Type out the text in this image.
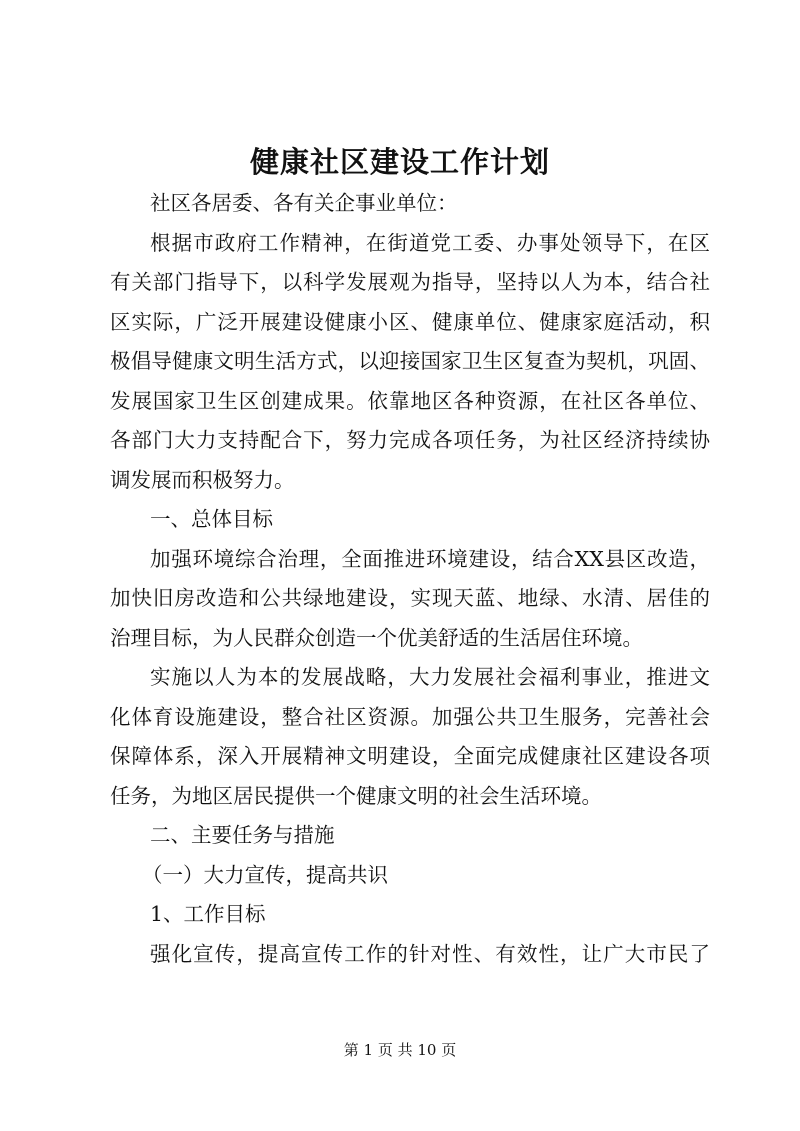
健康社区建设工作计划
社区各居委、各有关企事业单位：
根据市政府工作精神，在街道党工委、办事处领导下，在区
有关部门指导下，以科学发展观为指导，坚持以人为本，结合社
区实际，广泛开展建设健康小区、健康单位、健康家庭活动，积
极倡导健康文明生活方式，以迎接国家卫生区复查为契机，巩固、
发展国家卫生区创建成果。依靠地区各种资源，在社区各单位、
各部门大力支持配合下，努力完成各项任务，为社区经济持续协
调发展而积极努力。
一、总体目标
加强环境综合治理，全面推进环境建设，结合XX县区改造，
加快旧房改造和公共绿地建设，实现天蓝、地绿、水清、居佳的
治理目标，为人民群众创造一个优美舒适的生活居住环境。
实施以人为本的发展战略，大力发展社会福利事业，推进文
化体育设施建设，整合社区资源。加强公共卫生服务，完善社会
保障体系，深入开展精神文明建设，全面完成健康社区建设各项
任务，为地区居民提供一个健康文明的社会生活环境。
二、主要任务与措施
（一）大力宣传，提高共识
1、工作目标
强化宣传，提高宣传工作的针对性、有效性，让广大市民了
第 1 页 共 10 页
